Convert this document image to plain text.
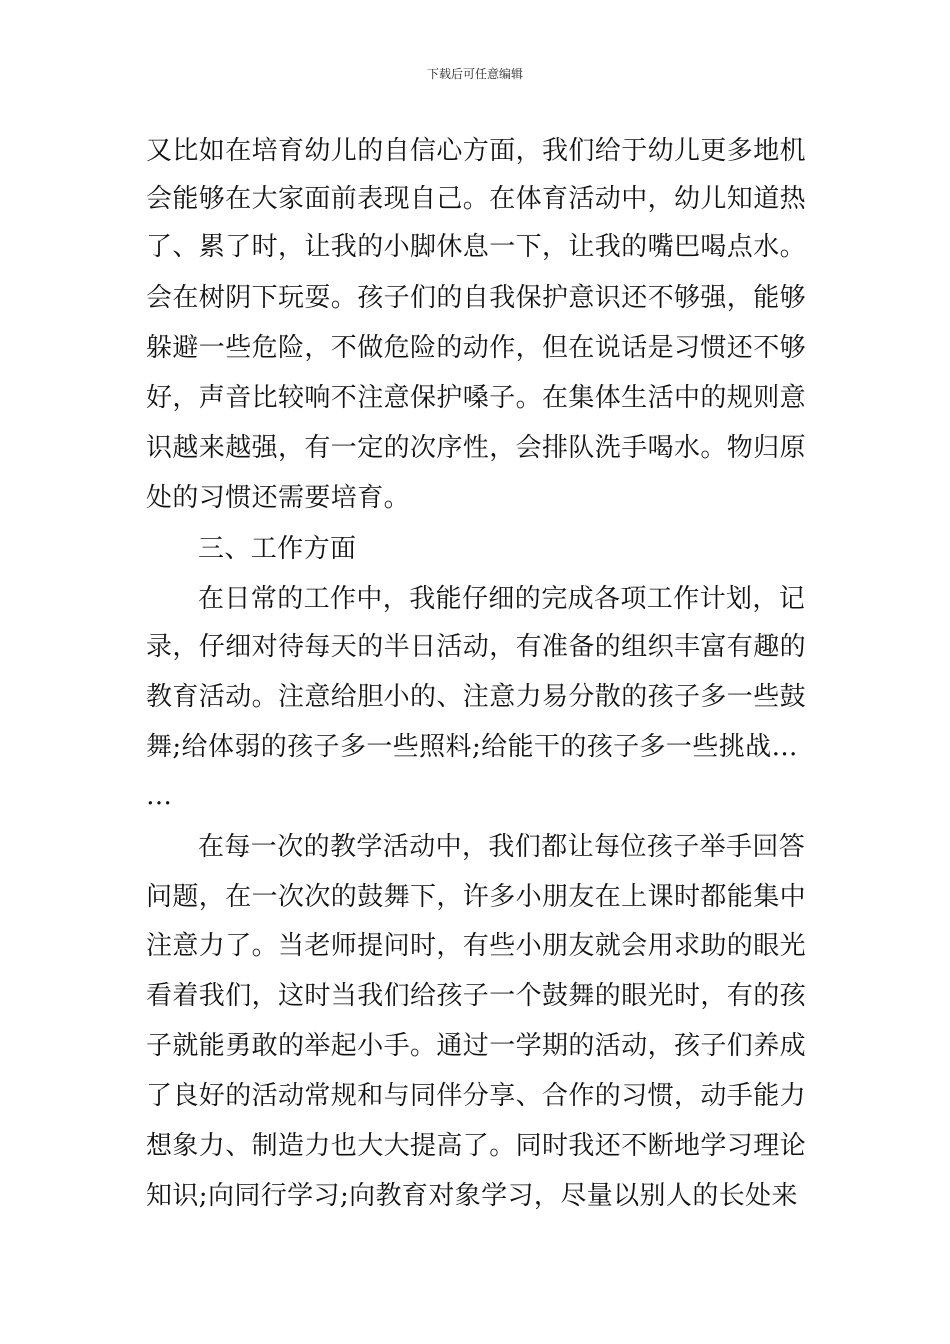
下载后可任意编辑
又比如在培育幼儿的自信心方面，我们给于幼儿更多地机
会能够在大家面前表现自己。在体育活动中，幼儿知道热
了、累了时，让我的小脚休息一下，让我的嘴巴喝点水。
会在树阴下玩耍。孩子们的自我保护意识还不够强，能够
躲避一些危险，不做危险的动作，但在说话是习惯还不够
好，声音比较响不注意保护嗓子。在集体生活中的规则意
识越来越强，有一定的次序性，会排队洗手喝水。物归原
处的习惯还需要培育。
三、工作方面
在日常的工作中，我能仔细的完成各项工作计划，记
录，仔细对待每天的半日活动，有准备的组织丰富有趣的
教育活动。注意给胆小的、注意力易分散的孩子多一些鼓
舞;给体弱的孩子多一些照料;给能干的孩子多一些挑战…
…
在每一次的教学活动中，我们都让每位孩子举手回答
问题，在一次次的鼓舞下，许多小朋友在上课时都能集中
注意力了。当老师提问时，有些小朋友就会用求助的眼光
看着我们，这时当我们给孩子一个鼓舞的眼光时，有的孩
子就能勇敢的举起小手。通过一学期的活动，孩子们养成
了良好的活动常规和与同伴分享、合作的习惯，动手能力
想象力、制造力也大大提高了。同时我还不断地学习理论
知识;向同行学习;向教育对象学习，尽量以别人的长处来
